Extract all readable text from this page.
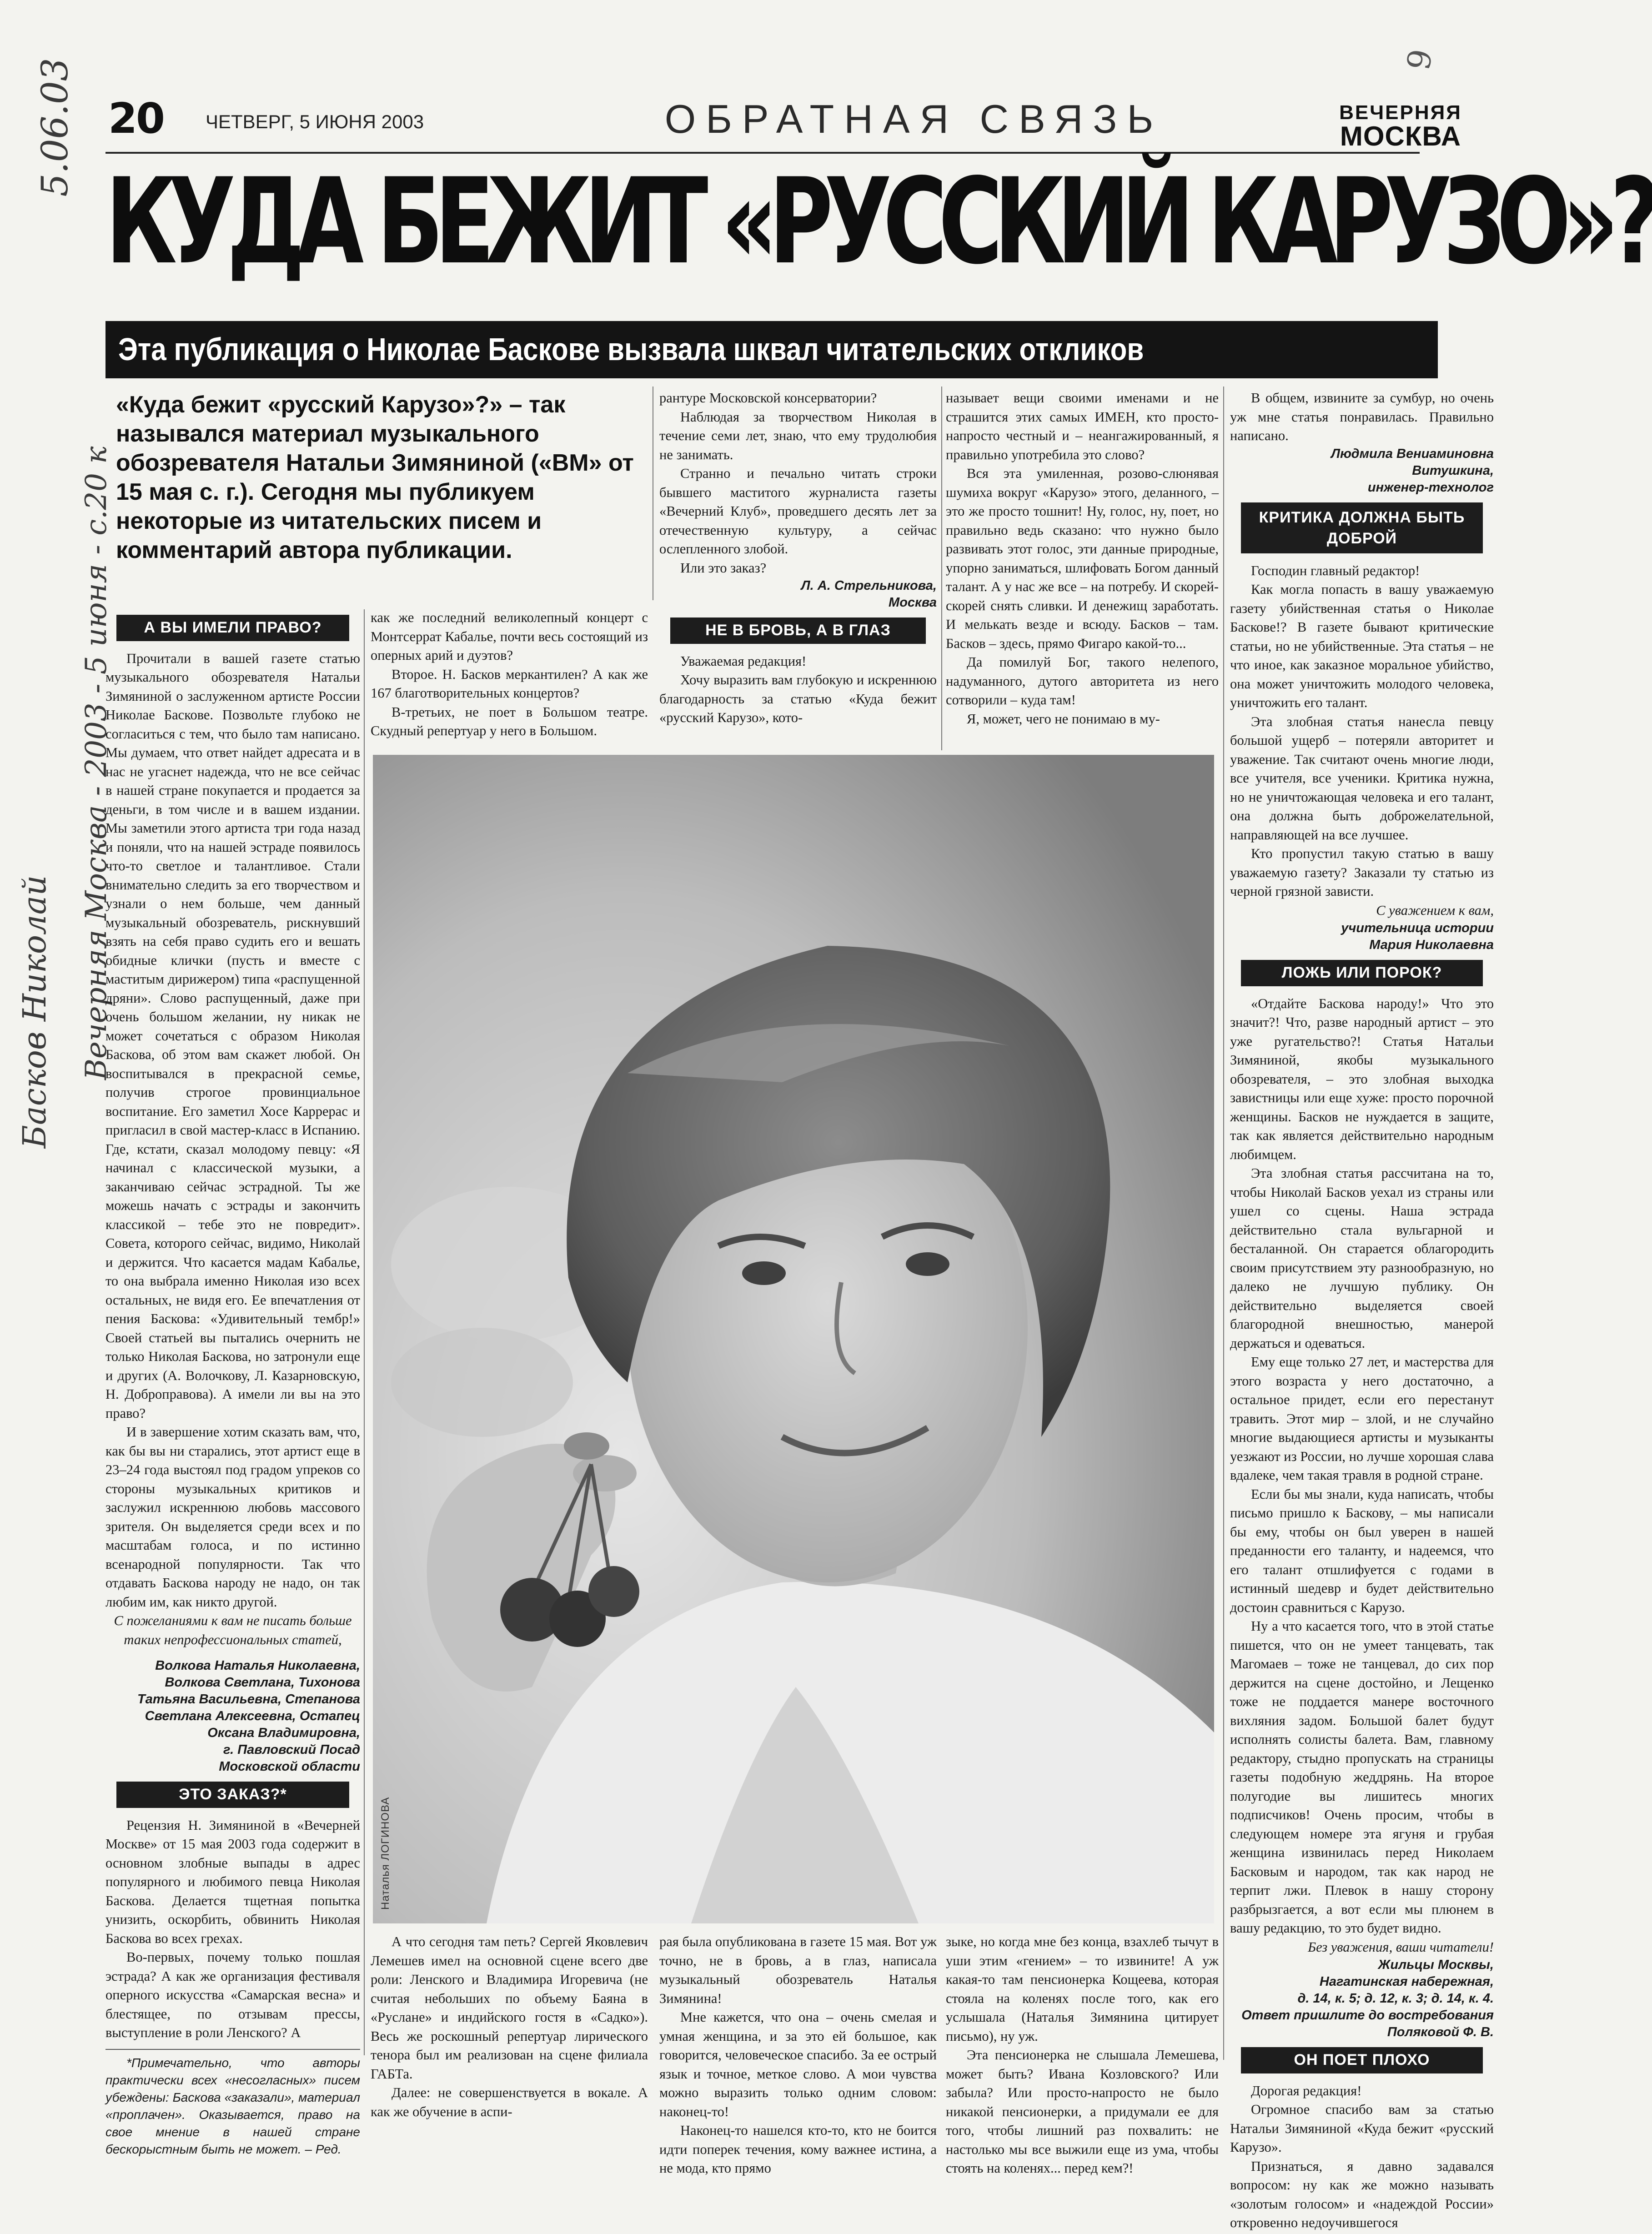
5.06.03
Вечерняя Москва - 2003 - 5 июня - с.20 к
Басков Николай
9
20 ЧЕТВЕРГ, 5 ИЮНЯ 2003	ОБРАТНАЯ СВЯЗЬ	ВЕЧЕРНЯЯ
МОСКВА
КУДА БЕЖИТ «РУССКИЙ КАРУЗО»?
Эта публикация о Николае Баскове вызвала шквал читательских откликов
«Куда бежит «русский Карузо»?» – так назывался материал музыкального обозревателя Натальи Зимяниной («ВМ» от 15 мая с. г.). Сегодня мы публикуем некоторые из читательских писем и комментарий автора публикации.
А ВЫ ИМЕЛИ ПРАВО?

Прочитали в вашей газете статью музыкального обозревателя Натальи Зимяниной о заслуженном артисте России Николае Баскове. Позвольте глубоко не согласиться с тем, что было там написано. Мы думаем, что ответ найдет адресата и в нас не угаснет надежда, что не все сейчас в нашей стране покупается и продается за деньги, в том числе и в вашем издании. Мы заметили этого артиста три года назад и поняли, что на нашей эстраде появилось что-то светлое и талантливое. Стали внимательно следить за его творчеством и узнали о нем больше, чем данный музыкальный обозреватель, рискнувший взять на себя право судить его и вешать обидные клички (пусть и вместе с маститым дирижером) типа «распущенной дряни». Слово распущенный, даже при очень большом желании, ну никак не может сочетаться с образом Николая Баскова, об этом вам скажет любой. Он воспитывался в прекрасной семье, получив строгое провинциальное воспитание. Его заметил Хосе Каррерас и пригласил в свой мастер-класс в Испанию. Где, кстати, сказал молодому певцу: «Я начинал с классической музыки, а заканчиваю сейчас эстрадной. Ты же можешь начать с эстрады и закончить классикой – тебе это не повредит». Совета, которого сейчас, видимо, Николай и держится. Что касается мадам Кабалье, то она выбрала именно Николая изо всех остальных, не видя его. Ее впечатления от пения Баскова: «Удивительный тембр!» Своей статьей вы пытались очернить не только Николая Баскова, но затронули еще и других (А. Волочкову, Л. Казарновскую, Н. Доброправова). А имели ли вы на это право?

И в завершение хотим сказать вам, что, как бы вы ни старались, этот артист еще в 23–24 года выстоял под градом упреков со стороны музыкальных критиков и заслужил искреннюю любовь массового зрителя. Он выделяется среди всех и по масштабам голоса, и по истинно всенародной популярности. Так что отдавать Баскова народу не надо, он так любим им, как никто другой.

С пожеланиями к вам не писать больше таких непрофессиональных статей,

Волкова Наталья Николаевна,

Волкова Светлана, Тихонова

Татьяна Васильевна, Степанова

Светлана Алексеевна, Остапец

Оксана Владимировна,

г. Павловский Посад

Московской области

ЭТО ЗАКАЗ?*

Рецензия Н. Зимяниной в «Вечерней Москве» от 15 мая 2003 года содержит в основном злобные выпады в адрес популярного и любимого певца Николая Баскова. Делается тщетная попытка унизить, оскорбить, обвинить Николая Баскова во всех грехах.

Во-первых, почему только пошлая эстрада? А как же организация фестиваля оперного искусства «Самарская весна» и блестящее, по отзывам прессы, выступление в роли Ленского? А

*Примечательно, что авторы практически всех «несогласных» писем убеждены: Баскова «заказали», материал «проплачен». Оказывается, право на свое мнение в нашей стране бескорыстным быть не может. – Ред.

как же последний великолепный концерт с Монтсеррат Кабалье, почти весь состоящий из оперных арий и дуэтов?

Второе. Н. Басков меркантилен? А как же 167 благотворительных концертов?

В-третьих, не поет в Большом театре. Скудный репертуар у него в Большом.

рантуре Московской консерватории?

Наблюдая за творчеством Николая в течение семи лет, знаю, что ему трудолюбия не занимать.

Странно и печально читать строки бывшего маститого журналиста газеты «Вечерний Клуб», проведшего десять лет за отечественную культуру, а сейчас ослепленного злобой.

Или это заказ?

Л. А. Стрельникова,

Москва

НЕ В БРОВЬ, А В ГЛАЗ

Уважаемая редакция!

Хочу выразить вам глубокую и искреннюю благодарность за статью «Куда бежит «русский Карузо», кото-

называет вещи своими именами и не страшится этих самых ИМЕН, кто просто-напросто честный и – неангажированный, я правильно употребила это слово?

Вся эта умиленная, розово-слюнявая шумиха вокруг «Карузо» этого, деланного, – это же просто тошнит! Ну, голос, ну, поет, но правильно ведь сказано: что нужно было развивать этот голос, эти данные природные, упорно заниматься, шлифовать Богом данный талант. А у нас же все – на потребу. И скорей-скорей снять сливки. И денежищ заработать. И мелькать везде и всюду. Басков – там. Басков – здесь, прямо Фигаро какой-то...

Да помилуй Бог, такого нелепого, надуманного, дутого авторитета из него сотворили – куда там!

Я, может, чего не понимаю в му-

Наталья ЛОГИНОВА

А что сегодня там петь? Сергей Яковлевич Лемешев имел на основной сцене всего две роли: Ленского и Владимира Игоревича (не считая небольших по объему Баяна в «Руслане» и индийского гостя в «Садко»). Весь же роскошный репертуар лирического тенора был им реализован на сцене филиала ГАБТа.

Далее: не совершенствуется в вокале. А как же обучение в аспи-

рая была опубликована в газете 15 мая. Вот уж точно, не в бровь, а в глаз, написала музыкальный обозреватель Наталья Зимянина!

Мне кажется, что она – очень смелая и умная женщина, и за это ей большое, как говорится, человеческое спасибо. За ее острый язык и точное, меткое слово. А мои чувства можно выразить только одним словом: наконец-то!

Наконец-то нашелся кто-то, кто не боится идти поперек течения, кому важнее истина, а не мода, кто прямо

зыке, но когда мне без конца, взахлеб тычут в уши этим «гением» – то извините! А уж какая-то там пенсионерка Кощеева, которая стояла на коленях после того, как его услышала (Наталья Зимянина цитирует письмо), ну уж.

Эта пенсионерка не слышала Лемешева, может быть? Ивана Козловского? Или забыла? Или просто-напросто не было никакой пенсионерки, а придумали ее для того, чтобы лишний раз похвалить: не настолько мы все выжили еще из ума, чтобы стоять на коленях... перед кем?!

В общем, извините за сумбур, но очень уж мне статья понравилась. Правильно написано.

Людмила Вениаминовна

Витушкина,

инженер-технолог

КРИТИКА ДОЛЖНА БЫТЬ
ДОБРОЙ

Господин главный редактор!

Как могла попасть в вашу уважаемую газету убийственная статья о Николае Баскове!? В газете бывают критические статьи, но не убийственные. Эта статья – не что иное, как заказное моральное убийство, она может уничтожить молодого человека, уничтожить его талант.

Эта злобная статья нанесла певцу большой ущерб – потеряли авторитет и уважение. Так считают очень многие люди, все учителя, все ученики. Критика нужна, но не уничтожающая человека и его талант, она должна быть доброжелательной, направляющей на все лучшее.

Кто пропустил такую статью в вашу уважаемую газету? Заказали ту статью из черной грязной зависти.

С уважением к вам,

учительница истории

Мария Николаевна

ЛОЖЬ ИЛИ ПОРОК?

«Отдайте Баскова народу!» Что это значит?! Что, разве народный артист – это уже ругательство?! Статья Натальи Зимяниной, якобы музыкального обозревателя, – это злобная выходка завистницы или еще хуже: просто порочной женщины. Басков не нуждается в защите, так как является действительно народным любимцем.

Эта злобная статья рассчитана на то, чтобы Николай Басков уехал из страны или ушел со сцены. Наша эстрада действительно стала вульгарной и бесталанной. Он старается облагородить своим присутствием эту разнообразную, но далеко не лучшую публику. Он действительно выделяется своей благородной внешностью, манерой держаться и одеваться.

Ему еще только 27 лет, и мастерства для этого возраста у него достаточно, а остальное придет, если его перестанут травить. Этот мир – злой, и не случайно многие выдающиеся артисты и музыканты уезжают из России, но лучше хорошая слава вдалеке, чем такая травля в родной стране.

Если бы мы знали, куда написать, чтобы письмо пришло к Баскову, – мы написали бы ему, чтобы он был уверен в нашей преданности его таланту, и надеемся, что его талант отшлифуется с годами в истинный шедевр и будет действительно достоин сравниться с Карузо.

Ну а что касается того, что в этой статье пишется, что он не умеет танцевать, так Магомаев – тоже не танцевал, до сих пор держится на сцене достойно, и Лещенко тоже не поддается манере восточного вихляния задом. Большой балет будут исполнять солисты балета. Вам, главному редактору, стыдно пропускать на страницы газеты подобную жеддрянь. На второе полугодие вы лишитесь многих подписчиков! Очень просим, чтобы в следующем номере эта ягуня и грубая женщина извинилась перед Николаем Басковым и народом, так как народ не терпит лжи. Плевок в нашу сторону разбрызгается, а вот если мы плюнем в вашу редакцию, то это будет видно.

Без уважения, ваши читатели!

Жильцы Москвы,

Нагатинская набережная,

д. 14, к. 5; д. 12, к. 3; д. 14, к. 4.

Ответ пришлите до востребования

Поляковой Ф. В.

ОН ПОЕТ ПЛОХО

Дорогая редакция!

Огромное спасибо вам за статью Натальи Зимяниной «Куда бежит «русский Карузо».

Признаться, я давно задавался вопросом: ну как же можно называть «золотым голосом» и «надеждой России» откровенно недоучившегося
